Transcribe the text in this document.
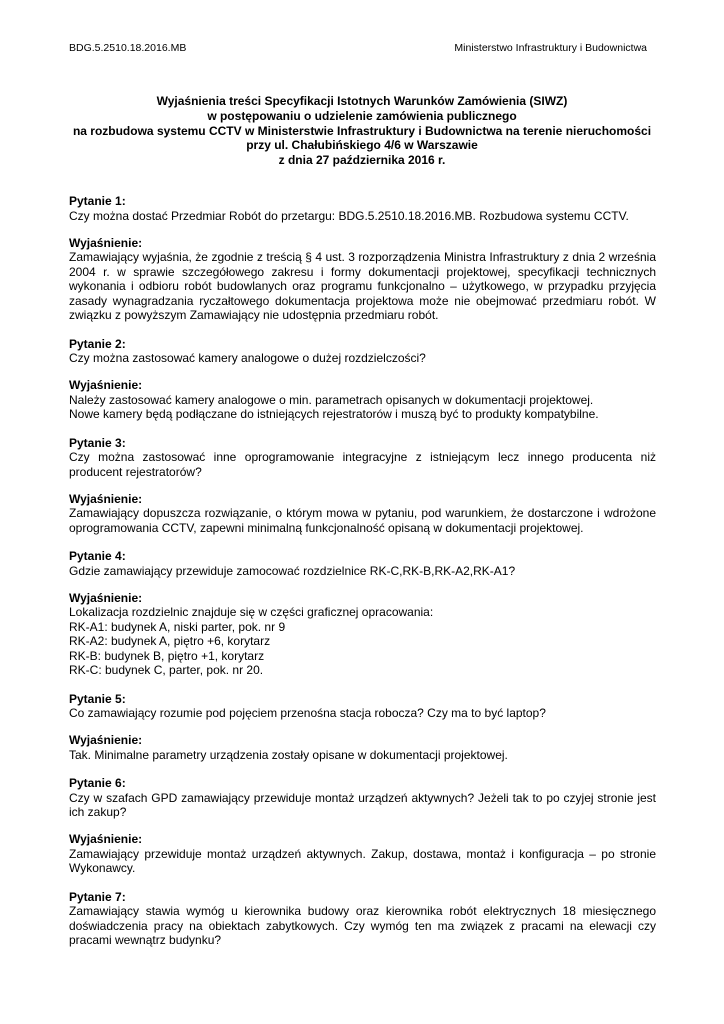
BDG.5.2510.18.2016.MB	Ministerstwo Infrastruktury i Budownictwa
Wyjaśnienia treści Specyfikacji Istotnych Warunków Zamówienia (SIWZ)
w postępowaniu o udzielenie zamówienia publicznego
na rozbudowa systemu CCTV w Ministerstwie Infrastruktury i Budownictwa na terenie nieruchomości
przy ul. Chałubińskiego 4/6 w Warszawie
z dnia 27 października 2016 r.

Pytanie 1:

Czy można dostać Przedmiar Robót do przetargu: BDG.5.2510.18.2016.MB. Rozbudowa systemu CCTV.

Wyjaśnienie:

Zamawiający wyjaśnia, że zgodnie z treścią § 4 ust. 3 rozporządzenia Ministra Infrastruktury z dnia 2 września 2004 r. w sprawie szczegółowego zakresu i formy dokumentacji projektowej, specyfikacji technicznych wykonania i odbioru robót budowlanych oraz programu funkcjonalno – użytkowego, w przypadku przyjęcia zasady wynagradzania ryczałtowego dokumentacja projektowa może nie obejmować przedmiaru robót. W związku z powyższym Zamawiający nie udostępnia przedmiaru robót.

Pytanie 2:

Czy można zastosować kamery analogowe o dużej rozdzielczości?

Wyjaśnienie:

Należy zastosować kamery analogowe o min. parametrach opisanych w dokumentacji projektowej.

Nowe kamery będą podłączane do istniejących rejestratorów i muszą być to produkty kompatybilne.

Pytanie 3:

Czy można zastosować inne oprogramowanie integracyjne z istniejącym lecz innego producenta niż producent rejestratorów?

Wyjaśnienie:

Zamawiający dopuszcza rozwiązanie, o którym mowa w pytaniu, pod warunkiem, że dostarczone i wdrożone oprogramowania CCTV, zapewni minimalną funkcjonalność opisaną w dokumentacji projektowej.

Pytanie 4:

Gdzie zamawiający przewiduje zamocować rozdzielnice RK-C,RK-B,RK-A2,RK-A1?

Wyjaśnienie:

Lokalizacja rozdzielnic znajduje się w części graficznej opracowania:

RK-A1: budynek A, niski parter, pok. nr 9

RK-A2: budynek A, piętro +6, korytarz

RK-B: budynek B, piętro +1, korytarz

RK-C: budynek C, parter, pok. nr 20.

Pytanie 5:

Co zamawiający rozumie pod pojęciem przenośna stacja robocza? Czy ma to być laptop?

Wyjaśnienie:

Tak. Minimalne parametry urządzenia zostały opisane w dokumentacji projektowej.

Pytanie 6:

Czy w szafach GPD zamawiający przewiduje montaż urządzeń aktywnych? Jeżeli tak to po czyjej stronie jest ich zakup?

Wyjaśnienie:

Zamawiający przewiduje montaż urządzeń aktywnych. Zakup, dostawa, montaż i konfiguracja – po stronie Wykonawcy.

Pytanie 7:

Zamawiający stawia wymóg u kierownika budowy oraz kierownika robót elektrycznych 18 miesięcznego doświadczenia pracy na obiektach zabytkowych. Czy wymóg ten ma związek z pracami na elewacji czy pracami wewnątrz budynku?
